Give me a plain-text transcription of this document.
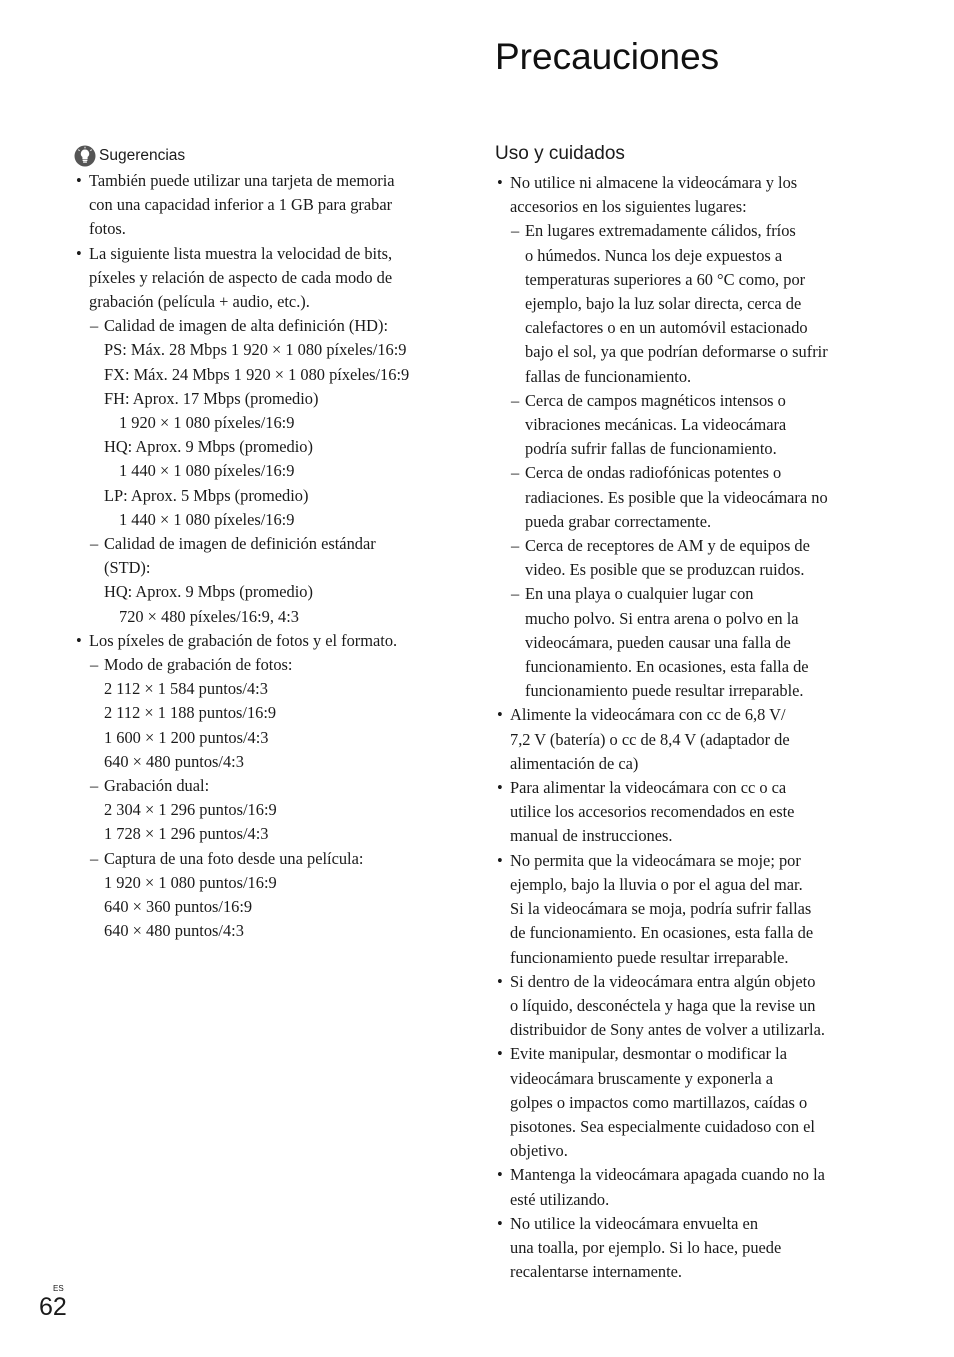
Precauciones
Sugerencias
• También puede utilizar una tarjeta de memoria
con una capacidad inferior a 1 GB para grabar
fotos.
• La siguiente lista muestra la velocidad de bits,
píxeles y relación de aspecto de cada modo de
grabación (película + audio, etc.).
– Calidad de imagen de alta definición (HD):
PS: Máx. 28 Mbps 1 920 × 1 080 píxeles/16:9
FX: Máx. 24 Mbps 1 920 × 1 080 píxeles/16:9
FH: Aprox. 17 Mbps (promedio)
1 920 × 1 080 píxeles/16:9
HQ: Aprox. 9 Mbps (promedio)
1 440 × 1 080 píxeles/16:9
LP: Aprox. 5 Mbps (promedio)
1 440 × 1 080 píxeles/16:9
– Calidad de imagen de definición estándar
(STD):
HQ: Aprox. 9 Mbps (promedio)
720 × 480 píxeles/16:9, 4:3
• Los píxeles de grabación de fotos y el formato.
– Modo de grabación de fotos:
2 112 × 1 584 puntos/4:3
2 112 × 1 188 puntos/16:9
1 600 × 1 200 puntos/4:3
640 × 480 puntos/4:3
– Grabación dual:
2 304 × 1 296 puntos/16:9
1 728 × 1 296 puntos/4:3
– Captura de una foto desde una película:
1 920 × 1 080 puntos/16:9
640 × 360 puntos/16:9
640 × 480 puntos/4:3
Uso y cuidados
• No utilice ni almacene la videocámara y los
accesorios en los siguientes lugares:
– En lugares extremadamente cálidos, fríos
o húmedos. Nunca los deje expuestos a
temperaturas superiores a 60 °C como, por
ejemplo, bajo la luz solar directa, cerca de
calefactores o en un automóvil estacionado
bajo el sol, ya que podrían deformarse o sufrir
fallas de funcionamiento.
– Cerca de campos magnéticos intensos o
vibraciones mecánicas. La videocámara
podría sufrir fallas de funcionamiento.
– Cerca de ondas radiofónicas potentes o
radiaciones. Es posible que la videocámara no
pueda grabar correctamente.
– Cerca de receptores de AM y de equipos de
video. Es posible que se produzcan ruidos.
– En una playa o cualquier lugar con
mucho polvo. Si entra arena o polvo en la
videocámara, pueden causar una falla de
funcionamiento. En ocasiones, esta falla de
funcionamiento puede resultar irreparable.
• Alimente la videocámara con cc de 6,8 V/
7,2 V (batería) o cc de 8,4 V (adaptador de
alimentación de ca)
• Para alimentar la videocámara con cc o ca
utilice los accesorios recomendados en este
manual de instrucciones.
• No permita que la videocámara se moje; por
ejemplo, bajo la lluvia o por el agua del mar.
Si la videocámara se moja, podría sufrir fallas
de funcionamiento. En ocasiones, esta falla de
funcionamiento puede resultar irreparable.
• Si dentro de la videocámara entra algún objeto
o líquido, desconéctela y haga que la revise un
distribuidor de Sony antes de volver a utilizarla.
• Evite manipular, desmontar o modificar la
videocámara bruscamente y exponerla a
golpes o impactos como martillazos, caídas o
pisotones. Sea especialmente cuidadoso con el
objetivo.
• Mantenga la videocámara apagada cuando no la
esté utilizando.
• No utilice la videocámara envuelta en
una toalla, por ejemplo. Si lo hace, puede
recalentarse internamente.
ES
62
